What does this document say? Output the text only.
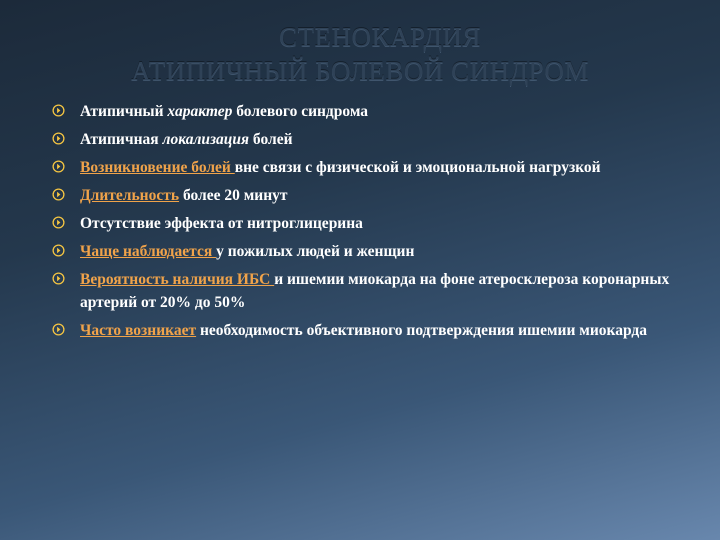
СТЕНОКАРДИЯ
АТИПИЧНЫЙ БОЛЕВОЙ СИНДРОМ
Атипичный характер болевого синдрома
Атипичная локализация болей
Возникновение болей вне связи с физической и эмоциональной нагрузкой
Длительность более 20 минут
Отсутствие эффекта от нитроглицерина
Чаще наблюдается у пожилых людей и женщин
Вероятность наличия ИБС и ишемии миокарда на фоне атеросклероза коронарных артерий от 20% до 50%
Часто возникает необходимость объективного подтверждения ишемии миокарда
